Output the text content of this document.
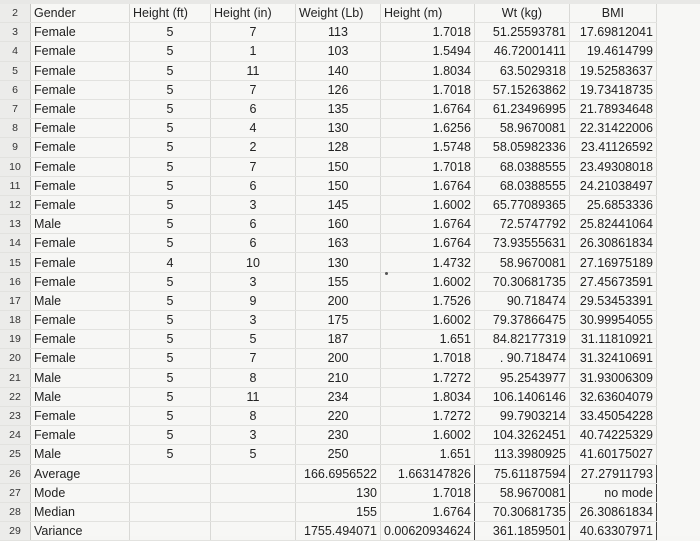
2	Gender	Height (ft)	Height (in)	Weight (Lb)	Height (m)	Wt (kg)	BMI
3	Female	5	7	113	1.7018	51.25593781	17.69812041
4	Female	5	1	103	1.5494	46.72001411	19.4614799
5	Female	5	11	140	1.8034	63.5029318	19.52583637
6	Female	5	7	126	1.7018	57.15263862	19.73418735
7	Female	5	6	135	1.6764	61.23496995	21.78934648
8	Female	5	4	130	1.6256	58.9670081	22.31422006
9	Female	5	2	128	1.5748	58.05982336	23.41126592
10	Female	5	7	150	1.7018	68.0388555	23.49308018
11	Female	5	6	150	1.6764	68.0388555	24.21038497
12	Female	5	3	145	1.6002	65.77089365	25.6853336
13	Male	5	6	160	1.6764	72.5747792	25.82441064
14	Female	5	6	163	1.6764	73.93555631	26.30861834
15	Female	4	10	130	1.4732	58.9670081	27.16975189
16	Female	5	3	155	1.6002	70.30681735	27.45673591
17	Male	5	9	200	1.7526	90.718474	29.53453391
18	Female	5	3	175	1.6002	79.37866475	30.99954055
19	Female	5	5	187	1.651	84.82177319	31.11810921
20	Female	5	7	200	1.7018	. 90.718474	31.32410691
21	Male	5	8	210	1.7272	95.2543977	31.93006309
22	Male	5	11	234	1.8034	106.1406146	32.63604079
23	Female	5	8	220	1.7272	99.7903214	33.45054228
24	Female	5	3	230	1.6002	104.3262451	40.74225329
25	Male	5	5	250	1.651	113.3980925	41.60175027
26	Average			166.6956522	1.663147826	75.61187594	27.27911793
27	Mode			130	1.7018	58.9670081	no mode
28	Median			155	1.6764	70.30681735	26.30861834
29	Variance			1755.494071	0.00620934624	361.1859501	40.63307971
